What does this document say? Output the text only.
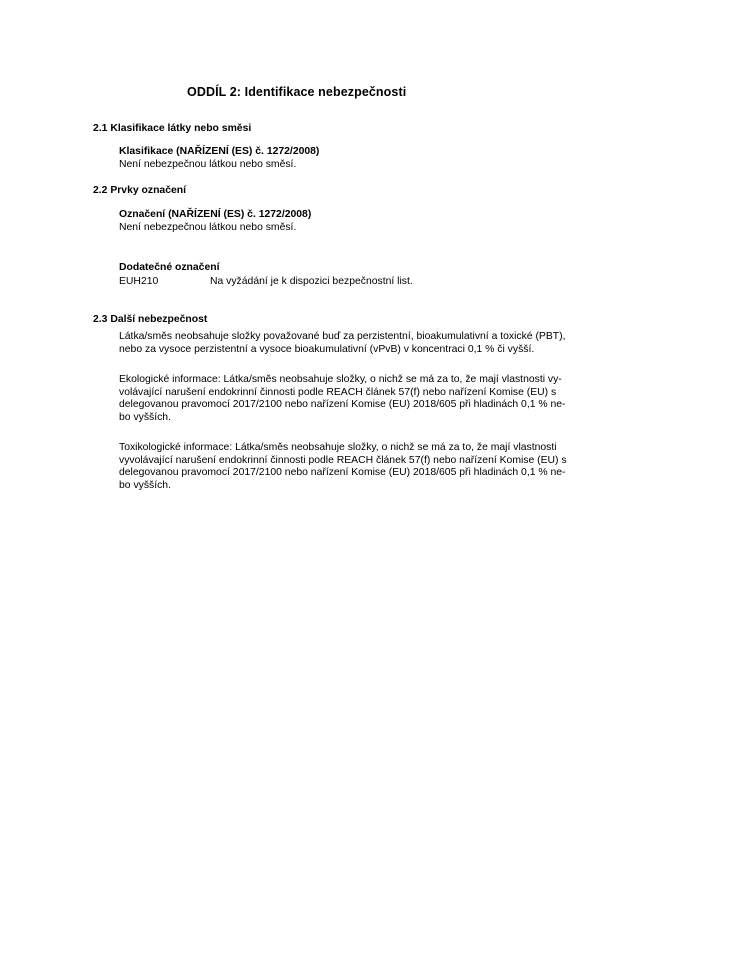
ODDÍL 2: Identifikace nebezpečnosti
2.1 Klasifikace látky nebo směsi
Klasifikace (NAŘÍZENÍ (ES) č. 1272/2008)
Není nebezpečnou látkou nebo směsí.
2.2 Prvky označení
Označení (NAŘÍZENÍ (ES) č. 1272/2008)
Není nebezpečnou látkou nebo směsí.
Dodatečné označení
EUH210	Na vyžádání je k dispozici bezpečnostní list.
2.3 Další nebezpečnost

Látka/směs neobsahuje složky považované buď za perzistentní, bioakumulativní a toxické (PBT),
nebo za vysoce perzistentní a vysoce bioakumulativní (vPvB) v koncentraci 0,1 % či vyšší.

Ekologické informace: Látka/směs neobsahuje složky, o nichž se má za to, že mají vlastnosti vy-
volávající narušení endokrinní činnosti podle REACH článek 57(f) nebo nařízení Komise (EU) s
delegovanou pravomocí 2017/2100 nebo nařízení Komise (EU) 2018/605 při hladinách 0,1 % ne-
bo vyšších.

Toxikologické informace: Látka/směs neobsahuje složky, o nichž se má za to, že mají vlastnosti
vyvolávající narušení endokrinní činnosti podle REACH článek 57(f) nebo nařízení Komise (EU) s
delegovanou pravomocí 2017/2100 nebo nařízení Komise (EU) 2018/605 při hladinách 0,1 % ne-
bo vyšších.
